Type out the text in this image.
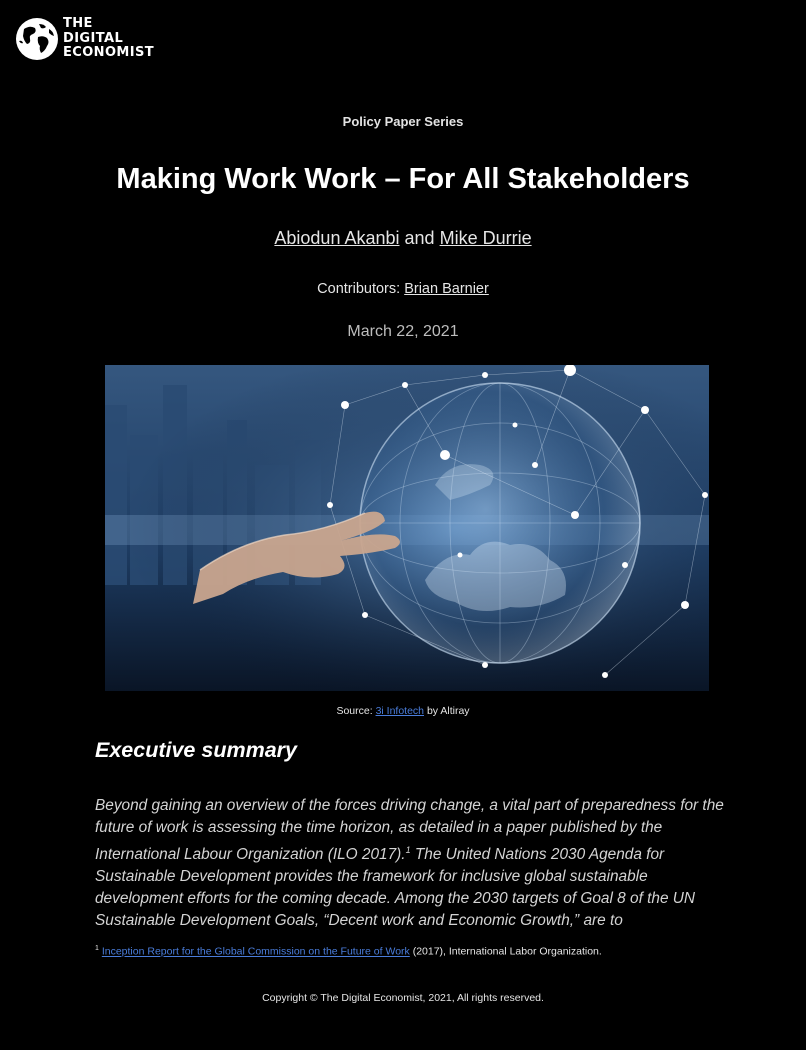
THE
DIGITAL
ECONOMIST
Policy Paper Series
Making Work Work – For All Stakeholders
Abiodun Akanbi and Mike Durrie
Contributors: Brian Barnier
March 22, 2021
Source: 3i Infotech by Altiray
Executive summary

Beyond gaining an overview of the forces driving change, a vital part of preparedness for the future of work is assessing the time horizon, as detailed in a paper published by the International Labour Organization (ILO 2017).$^1$ The United Nations 2030 Agenda for Sustainable Development provides the framework for inclusive global sustainable development efforts for the coming decade. Among the 2030 targets of Goal 8 of the UN Sustainable Development Goals, “Decent work and Economic Growth,” are to

$^1$ Inception Report for the Global Commission on the Future of Work (2017), International Labor Organization.
Copyright © The Digital Economist, 2021, All rights reserved.
